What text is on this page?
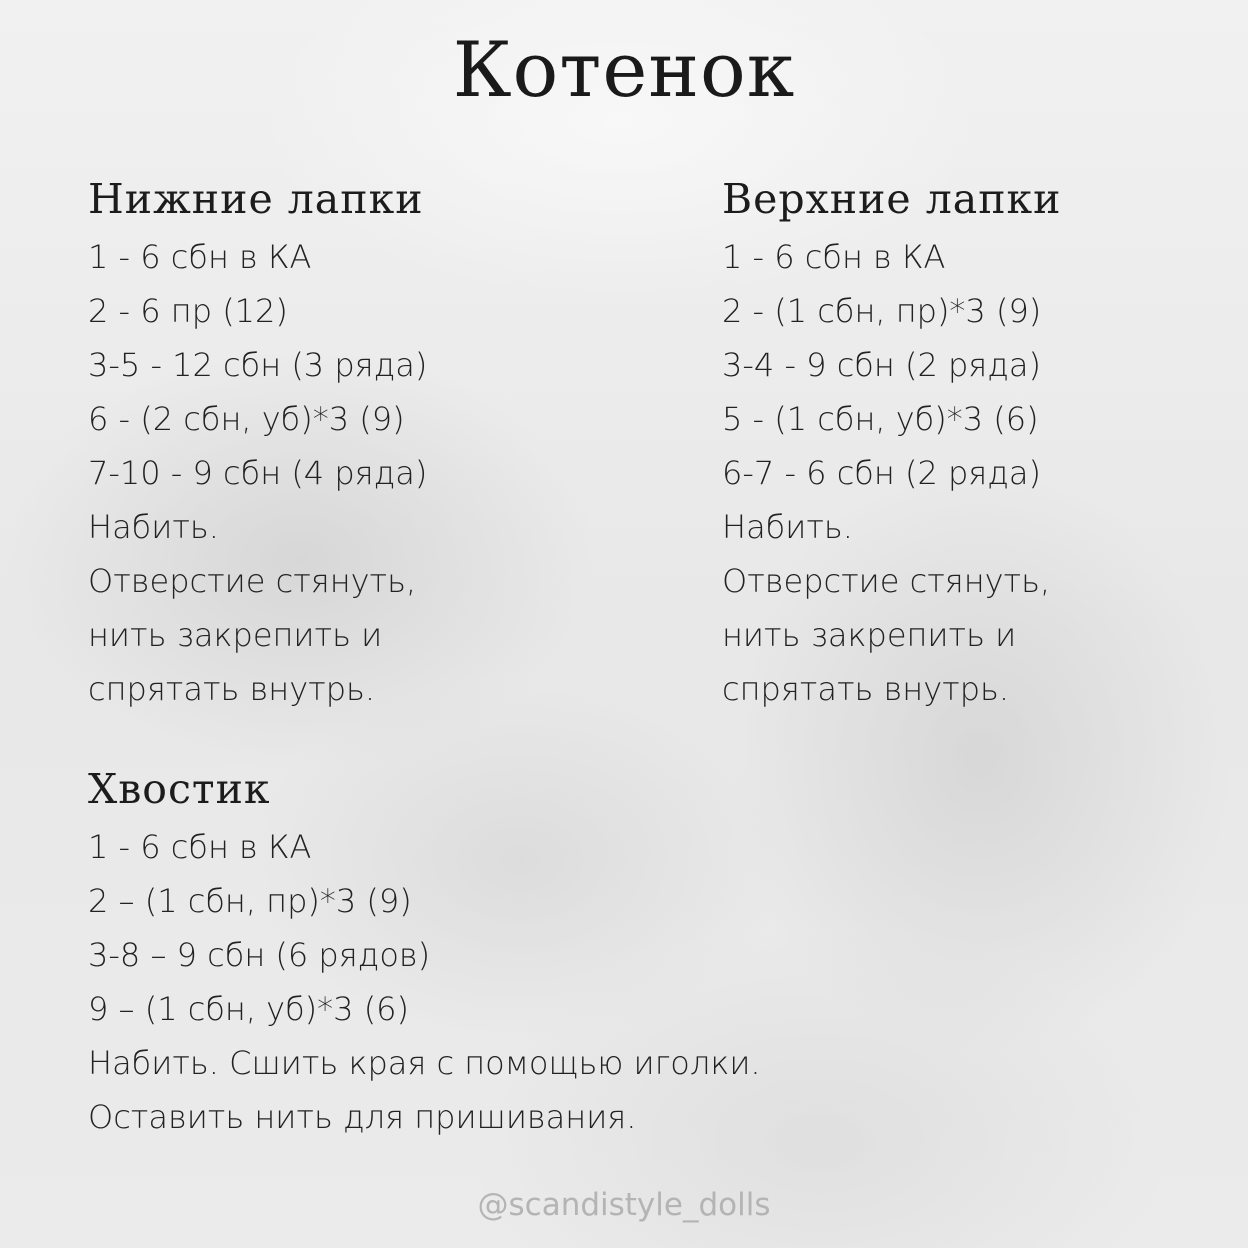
Котенок
Нижние лапки
1 - 6 сбн в КА
2 - 6 пр (12)
3-5 - 12 сбн (3 ряда)
6 - (2 сбн, уб)*3 (9)
7-10 - 9 сбн (4 ряда)
Набить.
Отверстие стянуть,
нить закрепить и
спрятать внутрь.
Верхние лапки
1 - 6 сбн в КА
2 - (1 сбн, пр)*3 (9)
3-4 - 9 сбн (2 ряда)
5 - (1 сбн, уб)*3 (6)
6-7 - 6 сбн (2 ряда)
Набить.
Отверстие стянуть,
нить закрепить и
спрятать внутрь.
Хвостик
1 - 6 сбн в КА
2 – (1 сбн, пр)*3 (9)
3-8 – 9 сбн (6 рядов)
9 – (1 сбн, уб)*3 (6)
Набить. Сшить края с помощью иголки.
Оставить нить для пришивания.
@scandistyle_dolls
